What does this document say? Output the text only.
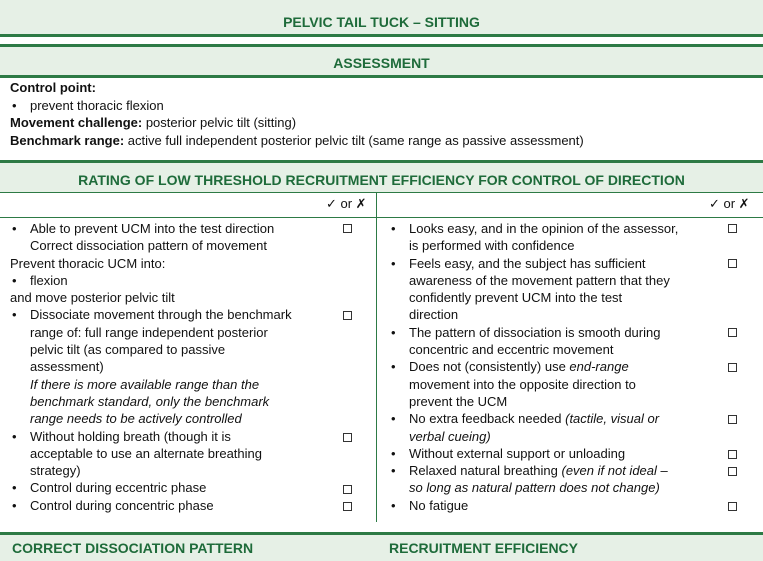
PELVIC TAIL TUCK – SITTING
ASSESSMENT
Control point:
• prevent thoracic flexion
Movement challenge: posterior pelvic tilt (sitting)
Benchmark range: active full independent posterior pelvic tilt (same range as passive assessment)
RATING OF LOW THRESHOLD RECRUITMENT EFFICIENCY FOR CONTROL OF DIRECTION
✓ or ✗	✓ or ✗
• Able to prevent UCM into the test direction
Correct dissociation pattern of movement
Prevent thoracic UCM into:
• flexion
and move posterior pelvic tilt
• Dissociate movement through the benchmark
range of: full range independent posterior
pelvic tilt (as compared to passive
assessment)
If there is more available range than the
benchmark standard, only the benchmark
range needs to be actively controlled
• Without holding breath (though it is
acceptable to use an alternate breathing
strategy)
• Control during eccentric phase
• Control during concentric phase
• Looks easy, and in the opinion of the assessor,
is performed with confidence
• Feels easy, and the subject has sufficient
awareness of the movement pattern that they
confidently prevent UCM into the test
direction
• The pattern of dissociation is smooth during
concentric and eccentric movement
• Does not (consistently) use end-range
movement into the opposite direction to
prevent the UCM
• No extra feedback needed (tactile, visual or
verbal cueing)
• Without external support or unloading
• Relaxed natural breathing (even if not ideal –
so long as natural pattern does not change)
• No fatigue
CORRECT DISSOCIATION PATTERN	RECRUITMENT EFFICIENCY
